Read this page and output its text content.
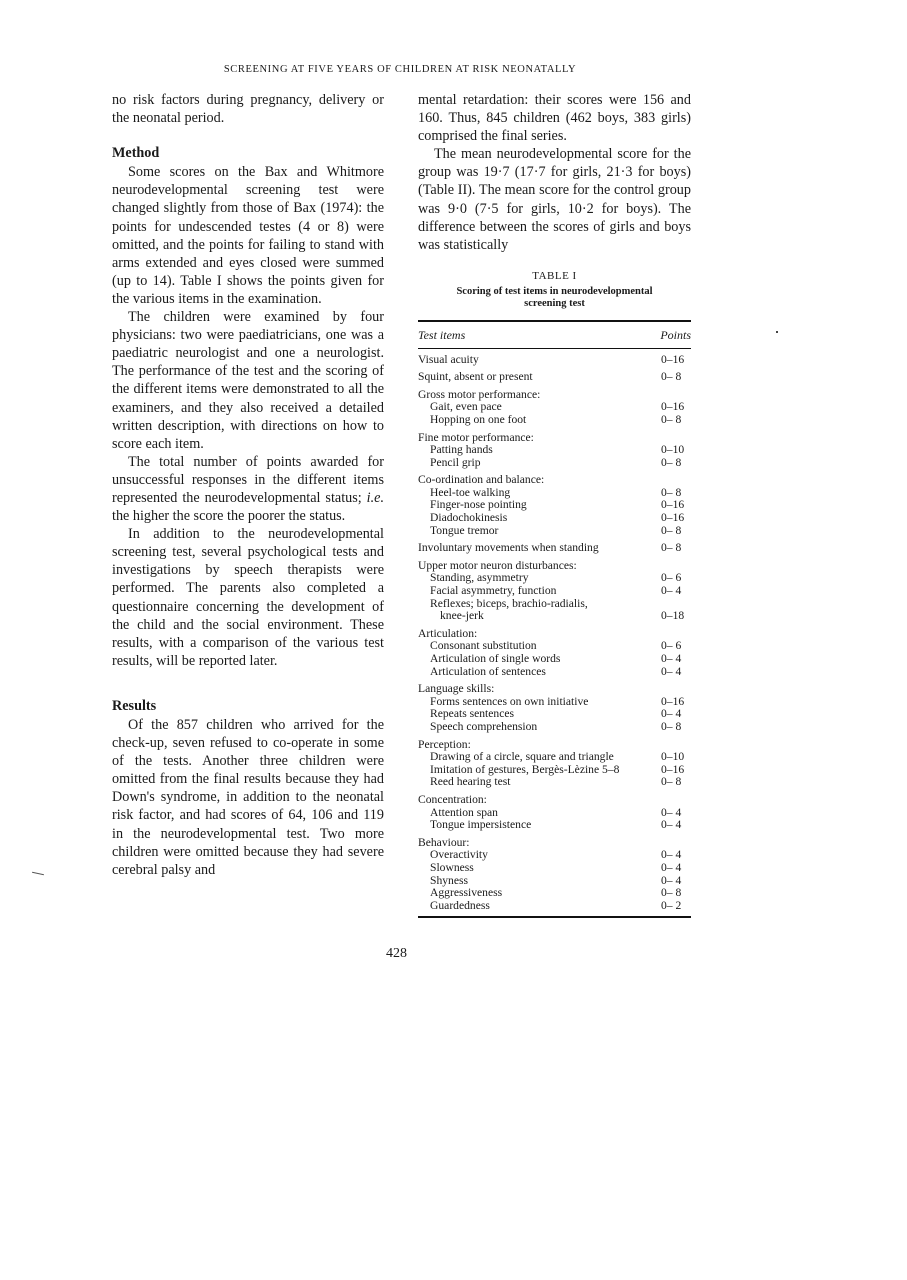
SCREENING AT FIVE YEARS OF CHILDREN AT RISK NEONATALLY

no risk factors during pregnancy, delivery or the neonatal period.

Method

Some scores on the Bax and Whitmore neurodevelopmental screening test were changed slightly from those of Bax (1974): the points for undescended testes (4 or 8) were omitted, and the points for failing to stand with arms extended and eyes closed were summed (up to 14). Table I shows the points given for the various items in the examination.

The children were examined by four physicians: two were paediatricians, one was a paediatric neurologist and one a neurologist. The performance of the test and the scoring of the different items were demonstrated to all the examiners, and they also received a detailed written description, with directions on how to score each item.

The total number of points awarded for unsuccessful responses in the different items represented the neurodevelopmental status; i.e. the higher the score the poorer the status.

In addition to the neurodevelopmental screening test, several psychological tests and investigations by speech therapists were performed. The parents also completed a questionnaire concerning the development of the child and the social environment. These results, with a comparison of the various test results, will be reported later.

Results

Of the 857 children who arrived for the check-up, seven refused to co-operate in some of the tests. Another three children were omitted from the final results because they had Down's syndrome, in addition to the neonatal risk factor, and had scores of 64, 106 and 119 in the neurodevelopmental test. Two more children were omitted because they had severe cerebral palsy and

mental retardation: their scores were 156 and 160. Thus, 845 children (462 boys, 383 girls) comprised the final series.

The mean neurodevelopmental score for the group was 19·7 (17·7 for girls, 21·3 for boys) (Table II). The mean score for the control group was 9·0 (7·5 for girls, 10·2 for boys). The difference between the scores of girls and boys was statistically

TABLE I
Scoring of test items in neurodevelopmental screening test
Test items	Points
Visual acuity	0–16
Squint, absent or present	0– 8
Gross motor performance:
Gait, even pace	0–16
Hopping on one foot	0– 8
Fine motor performance:
Patting hands	0–10
Pencil grip	0– 8
Co-ordination and balance:
Heel-toe walking	0– 8
Finger-nose pointing	0–16
Diadochokinesis	0–16
Tongue tremor	0– 8
Involuntary movements when standing	0– 8
Upper motor neuron disturbances:
Standing, asymmetry	0– 6
Facial asymmetry, function	0– 4
Reflexes; biceps, brachio-radialis,
knee-jerk	0–18
Articulation:
Consonant substitution	0– 6
Articulation of single words	0– 4
Articulation of sentences	0– 4
Language skills:
Forms sentences on own initiative	0–16
Repeats sentences	0– 4
Speech comprehension	0– 8
Perception:
Drawing of a circle, square and triangle	0–10
Imitation of gestures, Bergès-Lèzine 5–8	0–16
Reed hearing test	0– 8
Concentration:
Attention span	0– 4
Tongue impersistence	0– 4
Behaviour:
Overactivity	0– 4
Slowness	0– 4
Shyness	0– 4
Aggressiveness	0– 8
Guardedness	0– 2
428
